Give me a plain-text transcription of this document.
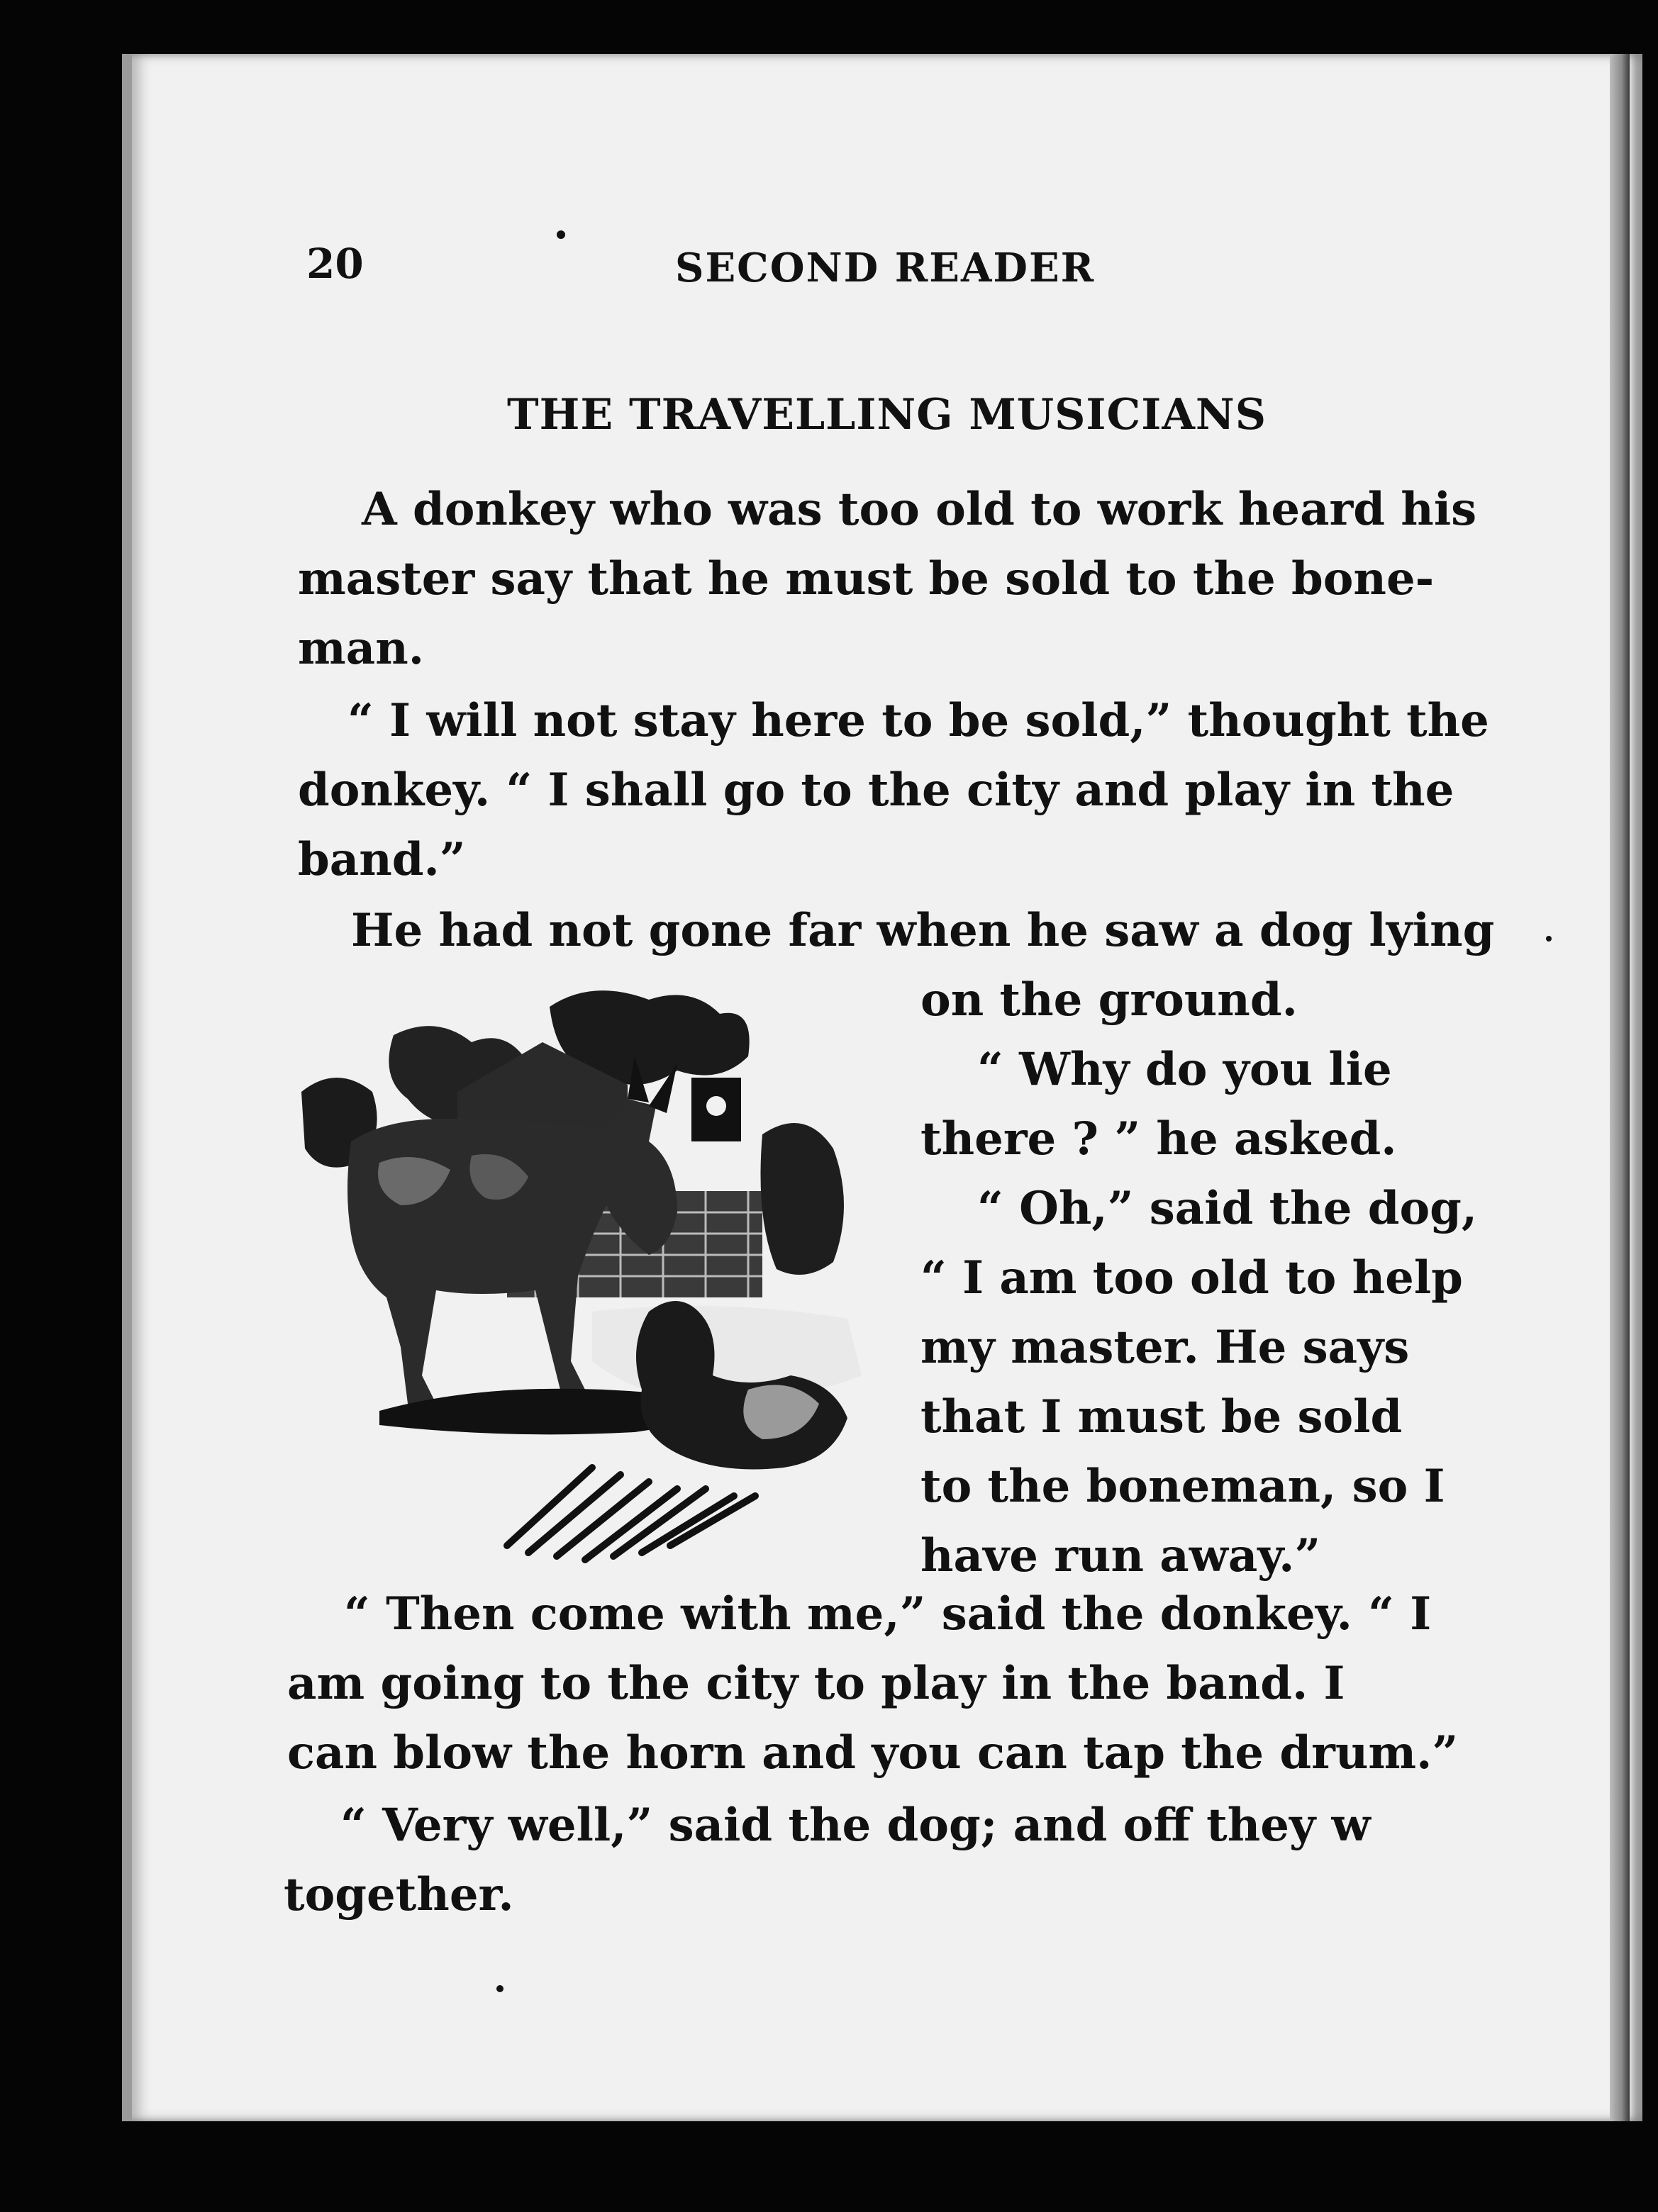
20	SECOND READER
THE TRAVELLING MUSICIANS

A donkey who was too old to work heard his
master say that he must be sold to the bone-
man.

“ I will not stay here to be sold,” thought the
donkey. “ I shall go to the city and play in the
band.”

He had not gone far when he saw a dog lying

on the ground.
“ Why do you lie
there ? ” he asked.
“ Oh,” said the dog,
“ I am too old to help
my master. He says
that I must be sold
to the boneman, so I
have run away.”

“ Then come with me,” said the donkey. “ I
am going to the city to play in the band. I
can blow the horn and you can tap the drum.”

“ Very well,” said the dog; and off they w
together.
